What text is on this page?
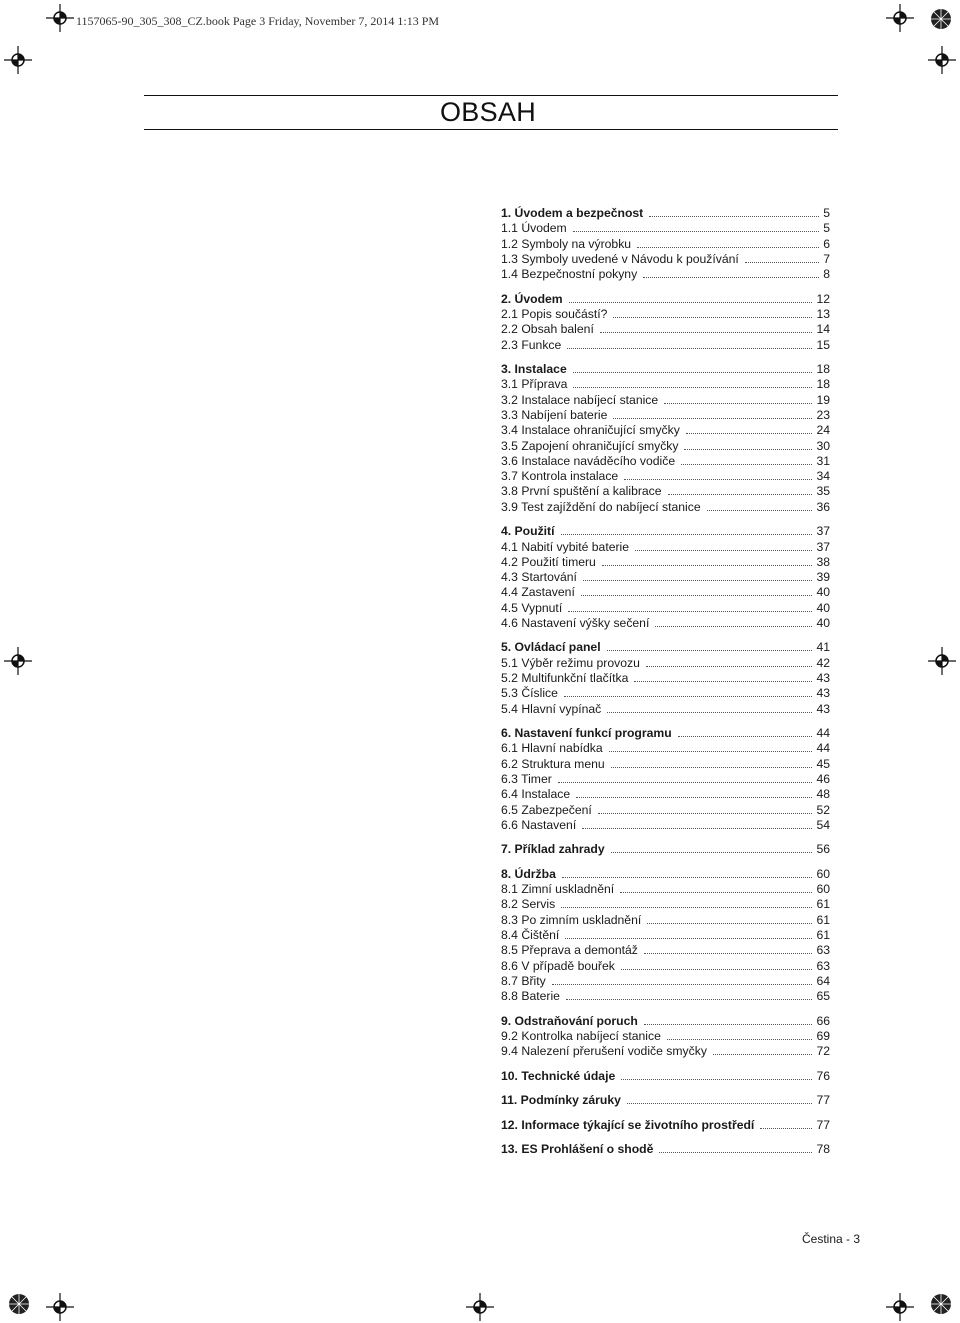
1157065-90_305_308_CZ.book Page 3 Friday, November 7, 2014 1:13 PM
OBSAH
1. Úvodem a bezpečnost	5
1.1 Úvodem	5
1.2 Symboly na výrobku	6
1.3 Symboly uvedené v Návodu k používání	7
1.4 Bezpečnostní pokyny	8
2. Úvodem	12
2.1 Popis součástí?	13
2.2 Obsah balení	14
2.3 Funkce	15
3. Instalace	18
3.1 Příprava	18
3.2 Instalace nabíjecí stanice	19
3.3 Nabíjení baterie	23
3.4 Instalace ohraničující smyčky	24
3.5 Zapojení ohraničující smyčky	30
3.6 Instalace naváděcího vodiče	31
3.7 Kontrola instalace	34
3.8 První spuštění a kalibrace	35
3.9 Test zajíždění do nabíjecí stanice	36
4. Použití	37
4.1 Nabití vybité baterie	37
4.2 Použití timeru	38
4.3 Startování	39
4.4 Zastavení	40
4.5 Vypnutí	40
4.6 Nastavení výšky sečení	40
5. Ovládací panel	41
5.1 Výběr režimu provozu	42
5.2 Multifunkční tlačítka	43
5.3 Číslice	43
5.4 Hlavní vypínač	43
6. Nastavení funkcí programu	44
6.1 Hlavní nabídka	44
6.2 Struktura menu	45
6.3 Timer	46
6.4 Instalace	48
6.5 Zabezpečení	52
6.6 Nastavení	54
7. Příklad zahrady	56
8. Údržba	60
8.1 Zimní uskladnění	60
8.2 Servis	61
8.3 Po zimním uskladnění	61
8.4 Čištění	61
8.5 Přeprava a demontáž	63
8.6 V případě bouřek	63
8.7 Břity	64
8.8 Baterie	65
9. Odstraňování poruch	66
9.2 Kontrolka nabíjecí stanice	69
9.4 Nalezení přerušení vodiče smyčky	72
10. Technické údaje	76
11. Podmínky záruky	77
12. Informace týkající se životního prostředí	77
13. ES Prohlášení o shodě	78
Čestina - 3
